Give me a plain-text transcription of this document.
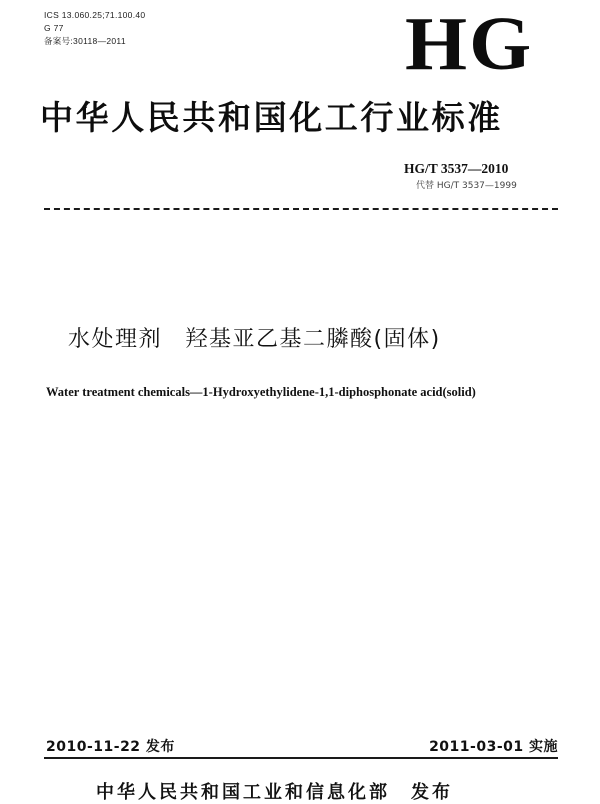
ICS 13.060.25;71.100.40
G 77
备案号:30118—2011	HG
中华人民共和国化工行业标准
HG/T 3537—2010
代替 HG/T 3537—1999
水处理剂　羟基亚乙基二膦酸(固体)
Water treatment chemicals—1-Hydroxyethylidene-1,1-diphosphonate acid(solid)
2010-11-22 发布	2011-03-01 实施
中华人民共和国工业和信息化部　发布
